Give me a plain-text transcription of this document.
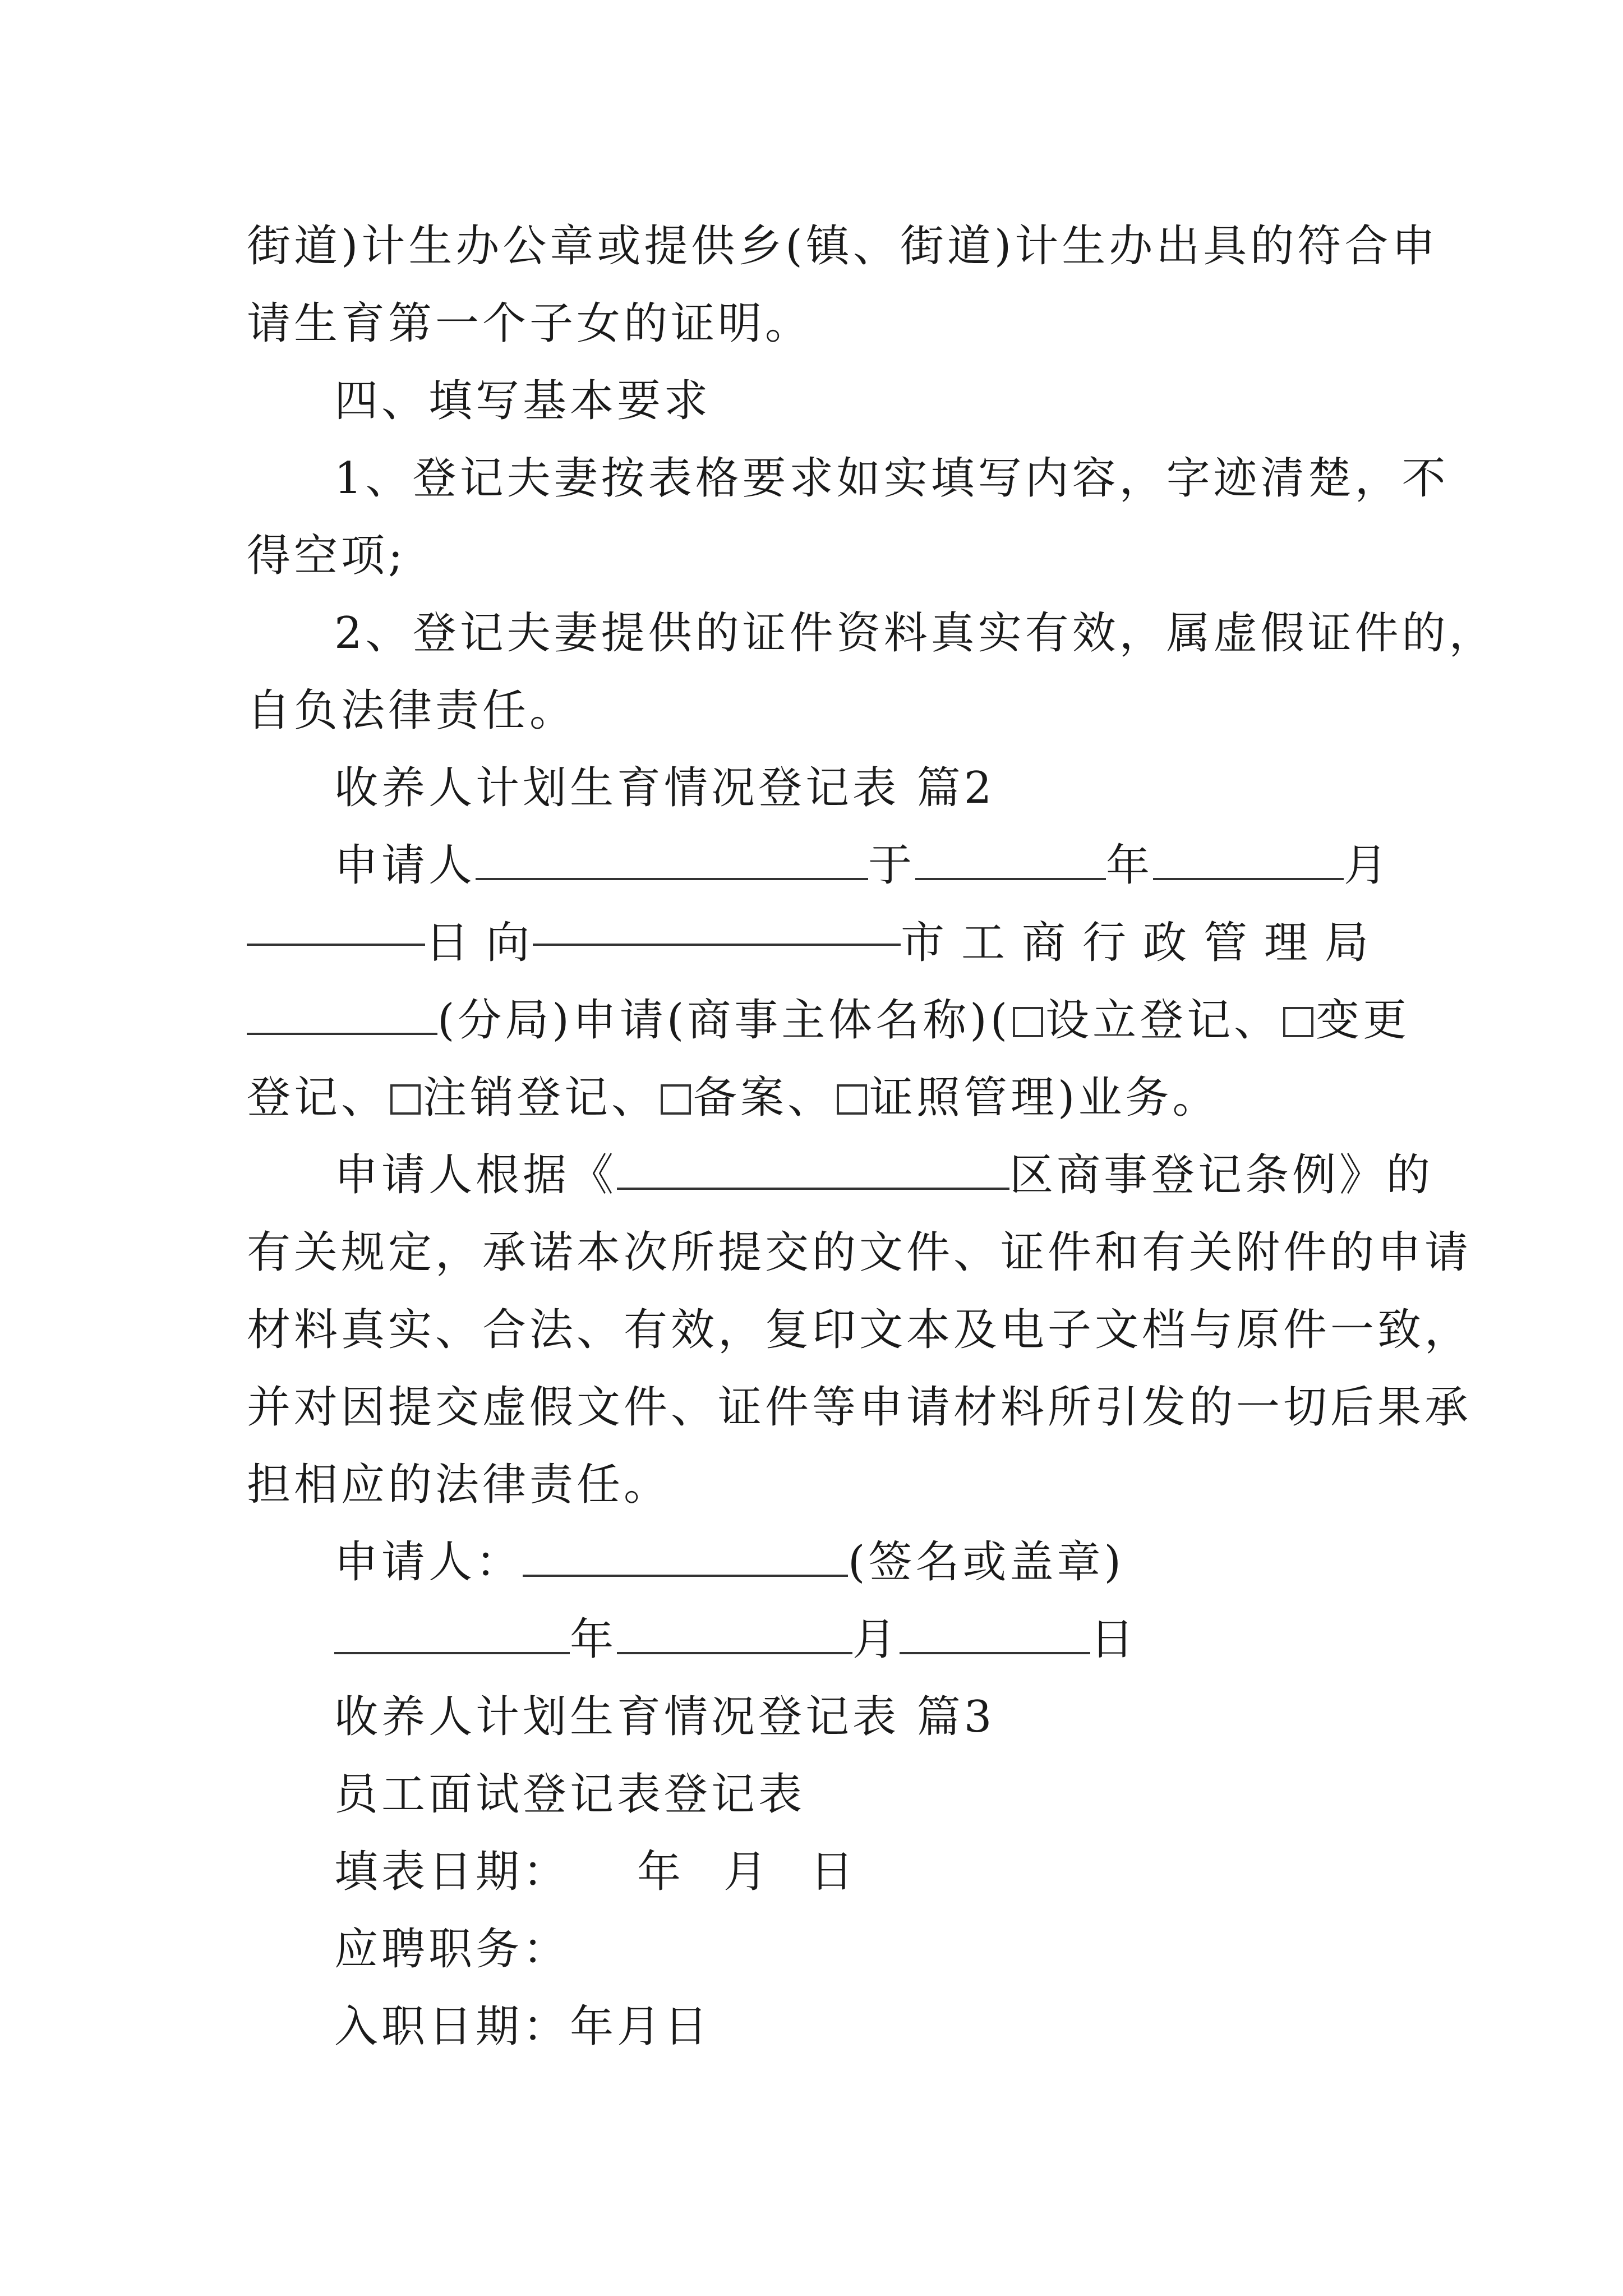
街道)计生办公章或提供乡(镇、街道)计生办出具的符合申

请生育第一个子女的证明。

四、填写基本要求

1、登记夫妻按表格要求如实填写内容，字迹清楚，不

得空项;

2、登记夫妻提供的证件资料真实有效，属虚假证件的，

自负法律责任。

收养人计划生育情况登记表 篇2

申请人	于	年	月

日 向	市工商行政管理局

(分局)申请(商事主体名称)( 设立登记、 变更

登记、 注销登记、 备案、 证照管理)业务。

申请人根据《	区商事登记条例》的

有关规定，承诺本次所提交的文件、证件和有关附件的申请

材料真实、合法、有效，复印文本及电子文档与原件一致，

并对因提交虚假文件、证件等申请材料所引发的一切后果承

担相应的法律责任。

申请人：	(签名或盖章)

年	月	日

收养人计划生育情况登记表 篇3

员工面试登记表登记表

填表日期： 年 月 日

应聘职务：

入职日期：年月日
